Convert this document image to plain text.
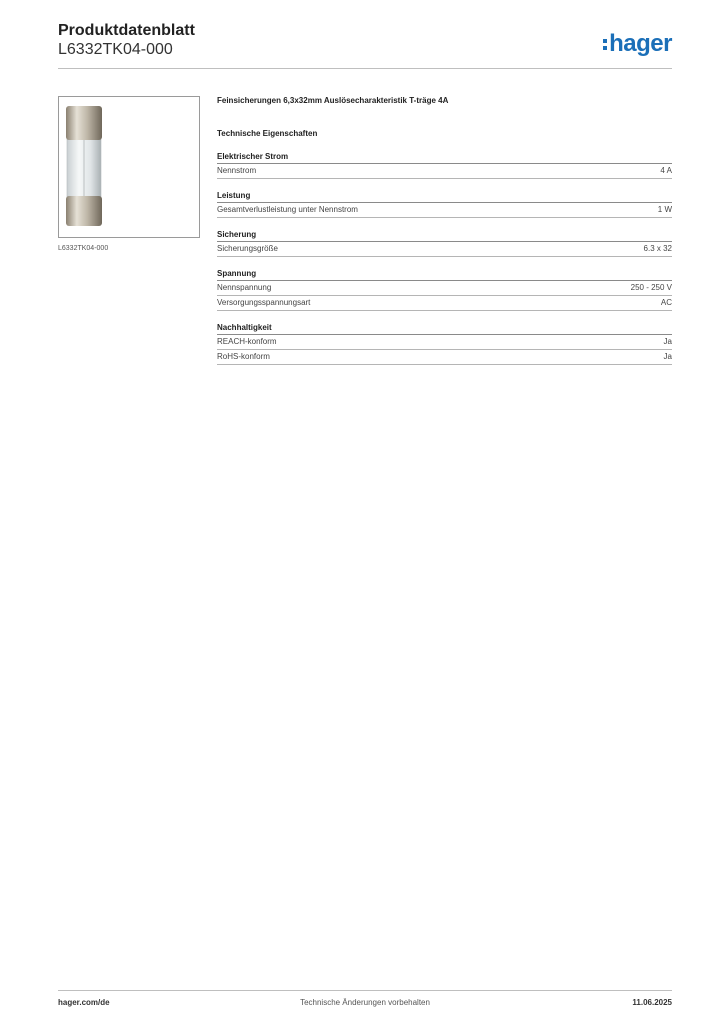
Produktdatenblatt
L6332TK04-000	hager
L6332TK04-000
Feinsicherungen 6,3x32mm Auslösecharakteristik T-träge 4A
Technische Eigenschaften
Elektrischer Strom
Nennstrom	4 A
Leistung
Gesamtverlustleistung unter Nennstrom	1 W
Sicherung
Sicherungsgröße	6.3 x 32
Spannung
Nennspannung	250 - 250 V
Versorgungsspannungsart	AC
Nachhaltigkeit
REACH-konform	Ja
RoHS-konform	Ja
hager.com/de	Technische Änderungen vorbehalten	11.06.2025
